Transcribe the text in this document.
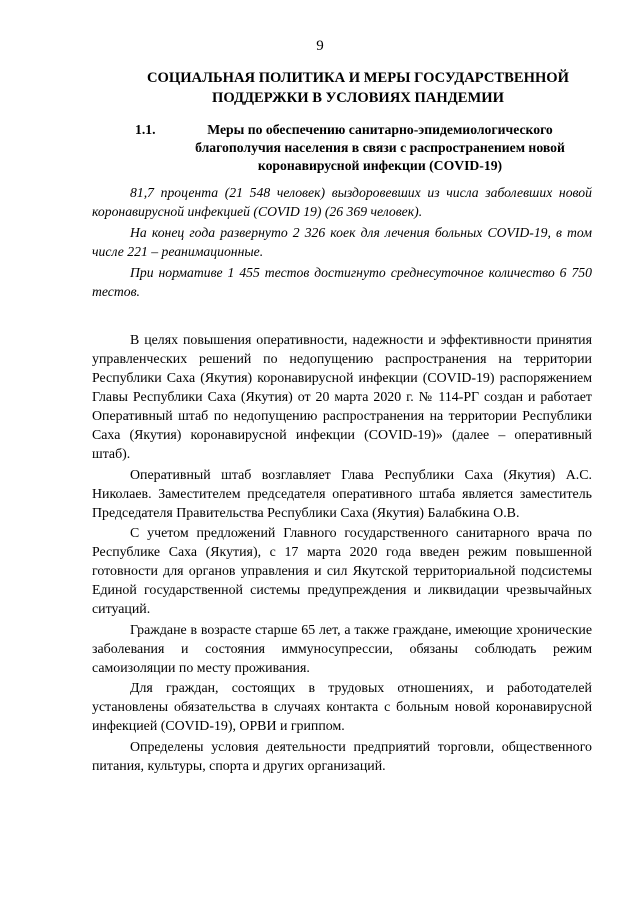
9
СОЦИАЛЬНАЯ ПОЛИТИКА И МЕРЫ ГОСУДАРСТВЕННОЙ ПОДДЕРЖКИ В УСЛОВИЯХ ПАНДЕМИИ
1.1.	Меры по обеспечению санитарно-эпидемиологического благополучия населения в связи с распространением новой коронавирусной инфекции (COVID-19)

81,7 процента (21 548 человек) выздоровевших из числа заболевших новой коронавирусной инфекцией (COVID 19) (26 369 человек).

На конец года развернуто 2 326 коек для лечения больных COVID-19, в том числе 221 – реанимационные.

При нормативе 1 455 тестов достигнуто среднесуточное количество 6 750 тестов.

В целях повышения оперативности, надежности и эффективности принятия управленческих решений по недопущению распространения на территории Республики Саха (Якутия) коронавирусной инфекции (COVID-19) распоряжением Главы Республики Саха (Якутия) от 20 марта 2020 г. № 114-РГ создан и работает Оперативный штаб по недопущению распространения на территории Республики Саха (Якутия) коронавирусной инфекции (COVID-19)» (далее – оперативный штаб).

Оперативный штаб возглавляет Глава Республики Саха (Якутия) А.С. Николаев. Заместителем председателя оперативного штаба является заместитель Председателя Правительства Республики Саха (Якутия) Балабкина О.В.

С учетом предложений Главного государственного санитарного врача по Республике Саха (Якутия), с 17 марта 2020 года введен режим повышенной готовности для органов управления и сил Якутской территориальной подсистемы Единой государственной системы предупреждения и ликвидации чрезвычайных ситуаций.

Гражданe в возрасте старше 65 лет, а также граждане, имеющие хронические заболевания и состояния иммуносупрессии, обязаны соблюдать режим самоизоляции по месту проживания.

Для граждан, состоящих в трудовых отношениях, и работодателей установлены обязательства в случаях контакта с больным новой коронавирусной инфекцией (COVID-19), ОРВИ и гриппом.

Определены условия деятельности предприятий торговли, общественного питания, культуры, спорта и других организаций.
